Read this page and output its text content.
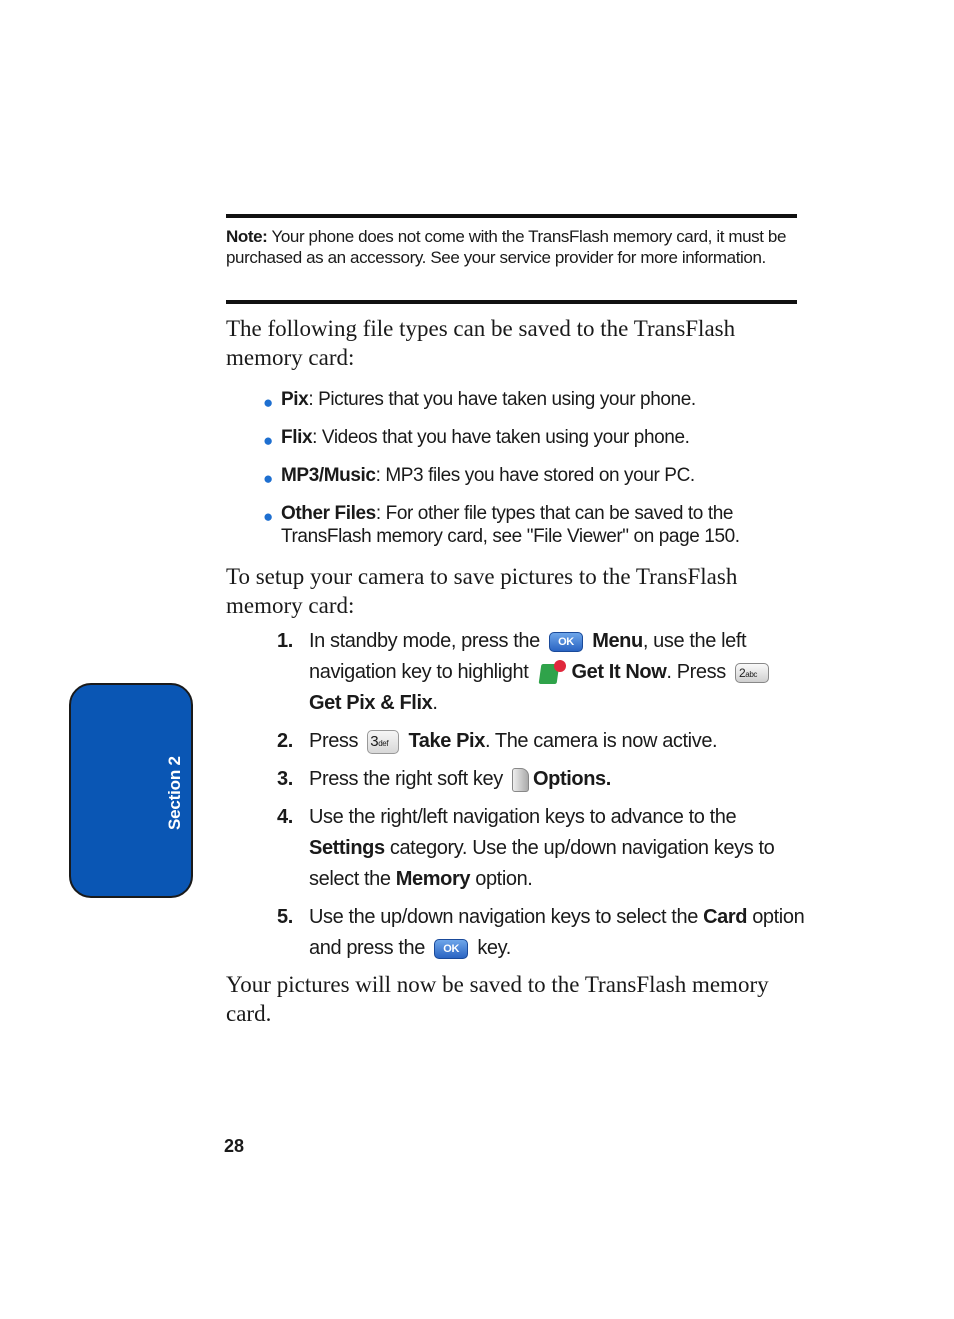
Note: Your phone does not come with the TransFlash memory card, it must be purchased as an accessory. See your service provider for more information.

The following file types can be saved to the TransFlash memory card:

● Pix: Pictures that you have taken using your phone.
● Flix: Videos that you have taken using your phone.
● MP3/Music: MP3 files you have stored on your PC.
● Other Files: For other file types that can be saved to the TransFlash memory card, see "File Viewer" on page 150.

To setup your camera to save pictures to the TransFlash memory card:

1. In standby mode, press the OK Menu, use the left navigation key to highlight
Get It Now. Press 2abc
Get Pix & Flix.
2. Press 3def Take Pix. The camera is now active.
3. Press the right soft key Options.
4. Use the right/left navigation keys to advance to the Settings category. Use the up/down navigation keys to select the Memory option.
5. Use the up/down navigation keys to select the Card option and press the OK key.

Your pictures will now be saved to the TransFlash memory card.

Section 2
28
